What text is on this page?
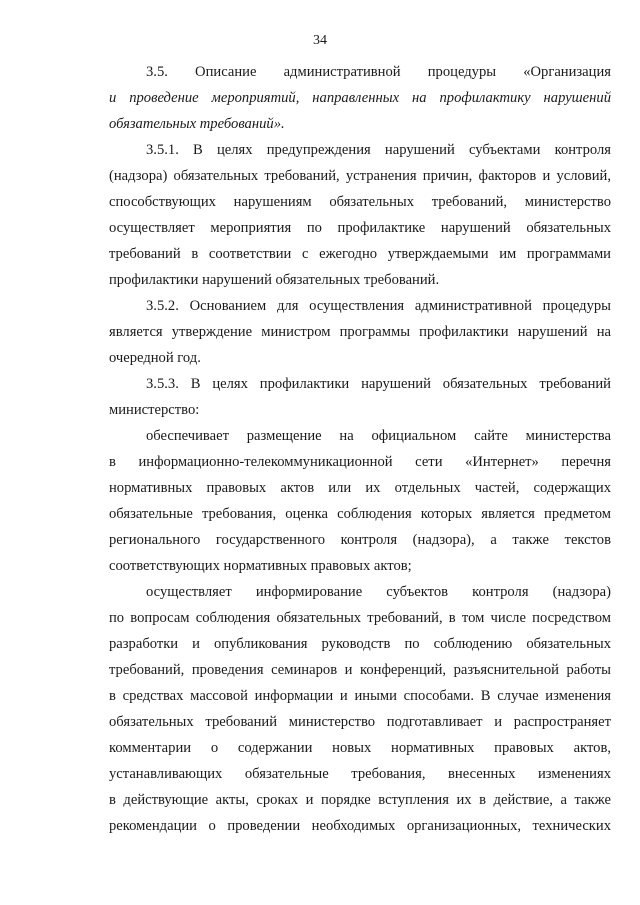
34
3.5. Описание административной процедуры «Организация
и проведение мероприятий, направленных на профилактику нарушений
обязательных требований».
3.5.1. В целях предупреждения нарушений субъектами контроля
(надзора) обязательных требований, устранения причин, факторов и условий,
способствующих нарушениям обязательных требований, министерство
осуществляет мероприятия по профилактике нарушений обязательных
требований в соответствии с ежегодно утверждаемыми им программами
профилактики нарушений обязательных требований.
3.5.2. Основанием для осуществления административной процедуры
является утверждение министром программы профилактики нарушений на
очередной год.
3.5.3. В целях профилактики нарушений обязательных требований
министерство:
обеспечивает размещение на официальном сайте министерства
в информационно-телекоммуникационной сети «Интернет» перечня
нормативных правовых актов или их отдельных частей, содержащих
обязательные требования, оценка соблюдения которых является предметом
регионального государственного контроля (надзора), а также текстов
соответствующих нормативных правовых актов;
осуществляет информирование субъектов контроля (надзора)
по вопросам соблюдения обязательных требований, в том числе посредством
разработки и опубликования руководств по соблюдению обязательных
требований, проведения семинаров и конференций, разъяснительной работы
в средствах массовой информации и иными способами. В случае изменения
обязательных требований министерство подготавливает и распространяет
комментарии о содержании новых нормативных правовых актов,
устанавливающих обязательные требования, внесенных изменениях
в действующие акты, сроках и порядке вступления их в действие, а также
рекомендации о проведении необходимых организационных, технических
